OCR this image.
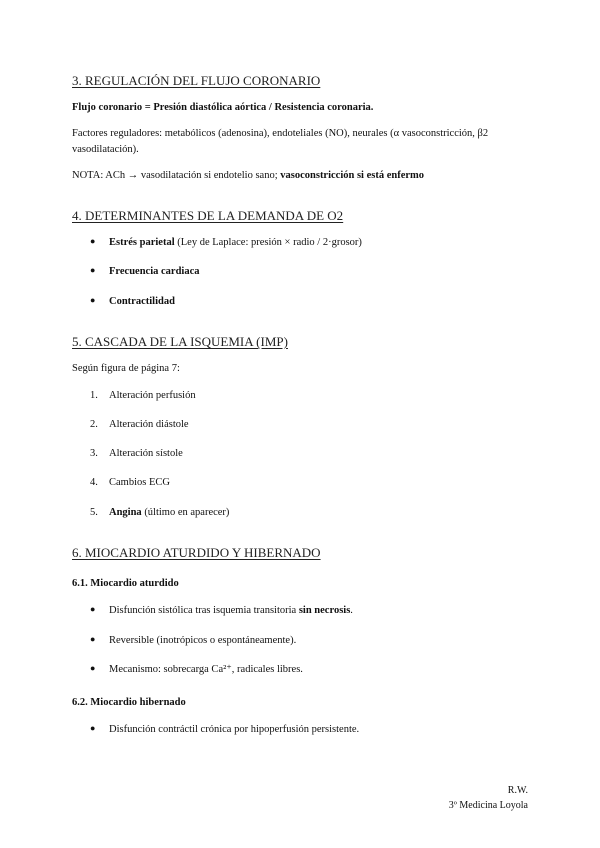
3. REGULACIÓN DEL FLUJO CORONARIO
Flujo coronario = Presión diastólica aórtica / Resistencia coronaria.
Factores reguladores: metabólicos (adenosina), endoteliales (NO), neurales (α vasoconstricción, β2 vasodilatación).
NOTA: ACh → vasodilatación si endotelio sano; vasoconstricción si está enfermo
4. DETERMINANTES DE LA DEMANDA DE O2
● Estrés parietal (Ley de Laplace: presión × radio / 2·grosor)
● Frecuencia cardiaca
● Contractilidad
5. CASCADA DE LA ISQUEMIA (IMP)
Según figura de página 7:
1. Alteración perfusión
2. Alteración diástole
3. Alteración sístole
4. Cambios ECG
5. Angina (último en aparecer)
6. MIOCARDIO ATURDIDO Y HIBERNADO
6.1. Miocardio aturdido
● Disfunción sistólica tras isquemia transitoria sin necrosis.
● Reversible (inotrópicos o espontáneamente).
● Mecanismo: sobrecarga Ca²⁺, radicales libres.
6.2. Miocardio hibernado
● Disfunción contráctil crónica por hipoperfusión persistente.
R.W.
3º Medicina Loyola
